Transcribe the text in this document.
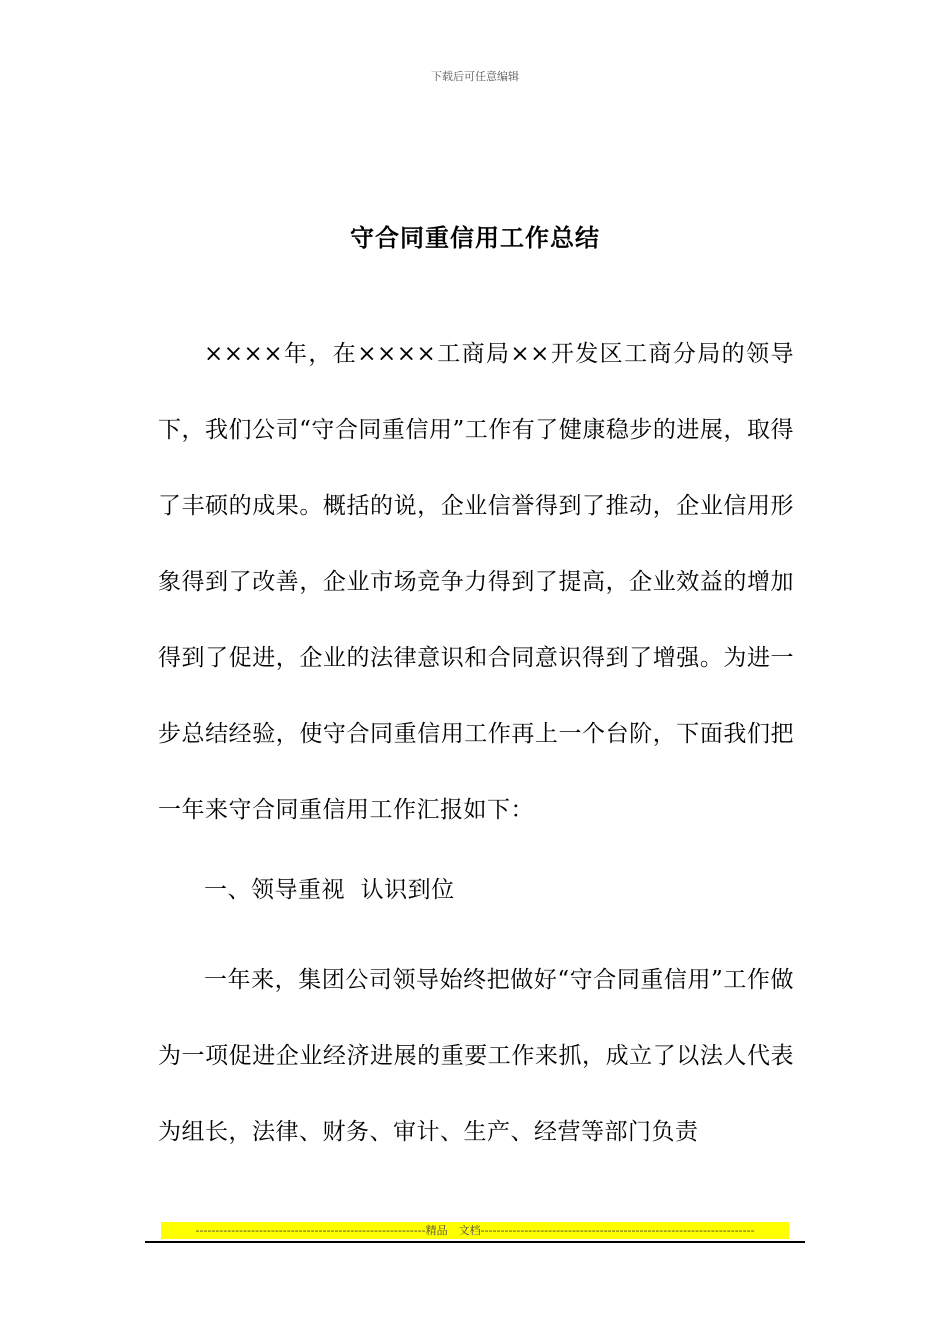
下载后可任意编辑
守合同重信用工作总结
××××年，在××××工商局××开发区工商分局的领导下，我们公司“守合同重信用”工作有了健康稳步的进展，取得了丰硕的成果。概括的说，企业信誉得到了推动，企业信用形象得到了改善，企业市场竞争力得到了提高，企业效益的增加得到了促进，企业的法律意识和合同意识得到了增强。为进一步总结经验，使守合同重信用工作再上一个台阶，下面我们把一年来守合同重信用工作汇报如下：
一、领导重视  认识到位
一年来，集团公司领导始终把做好“守合同重信用”工作做为一项促进企业经济进展的重要工作来抓，成立了以法人代表为组长，法律、财务、审计、生产、经营等部门负责
----------------------------------------------------------精品　文档---------------------------------------------------------------------
